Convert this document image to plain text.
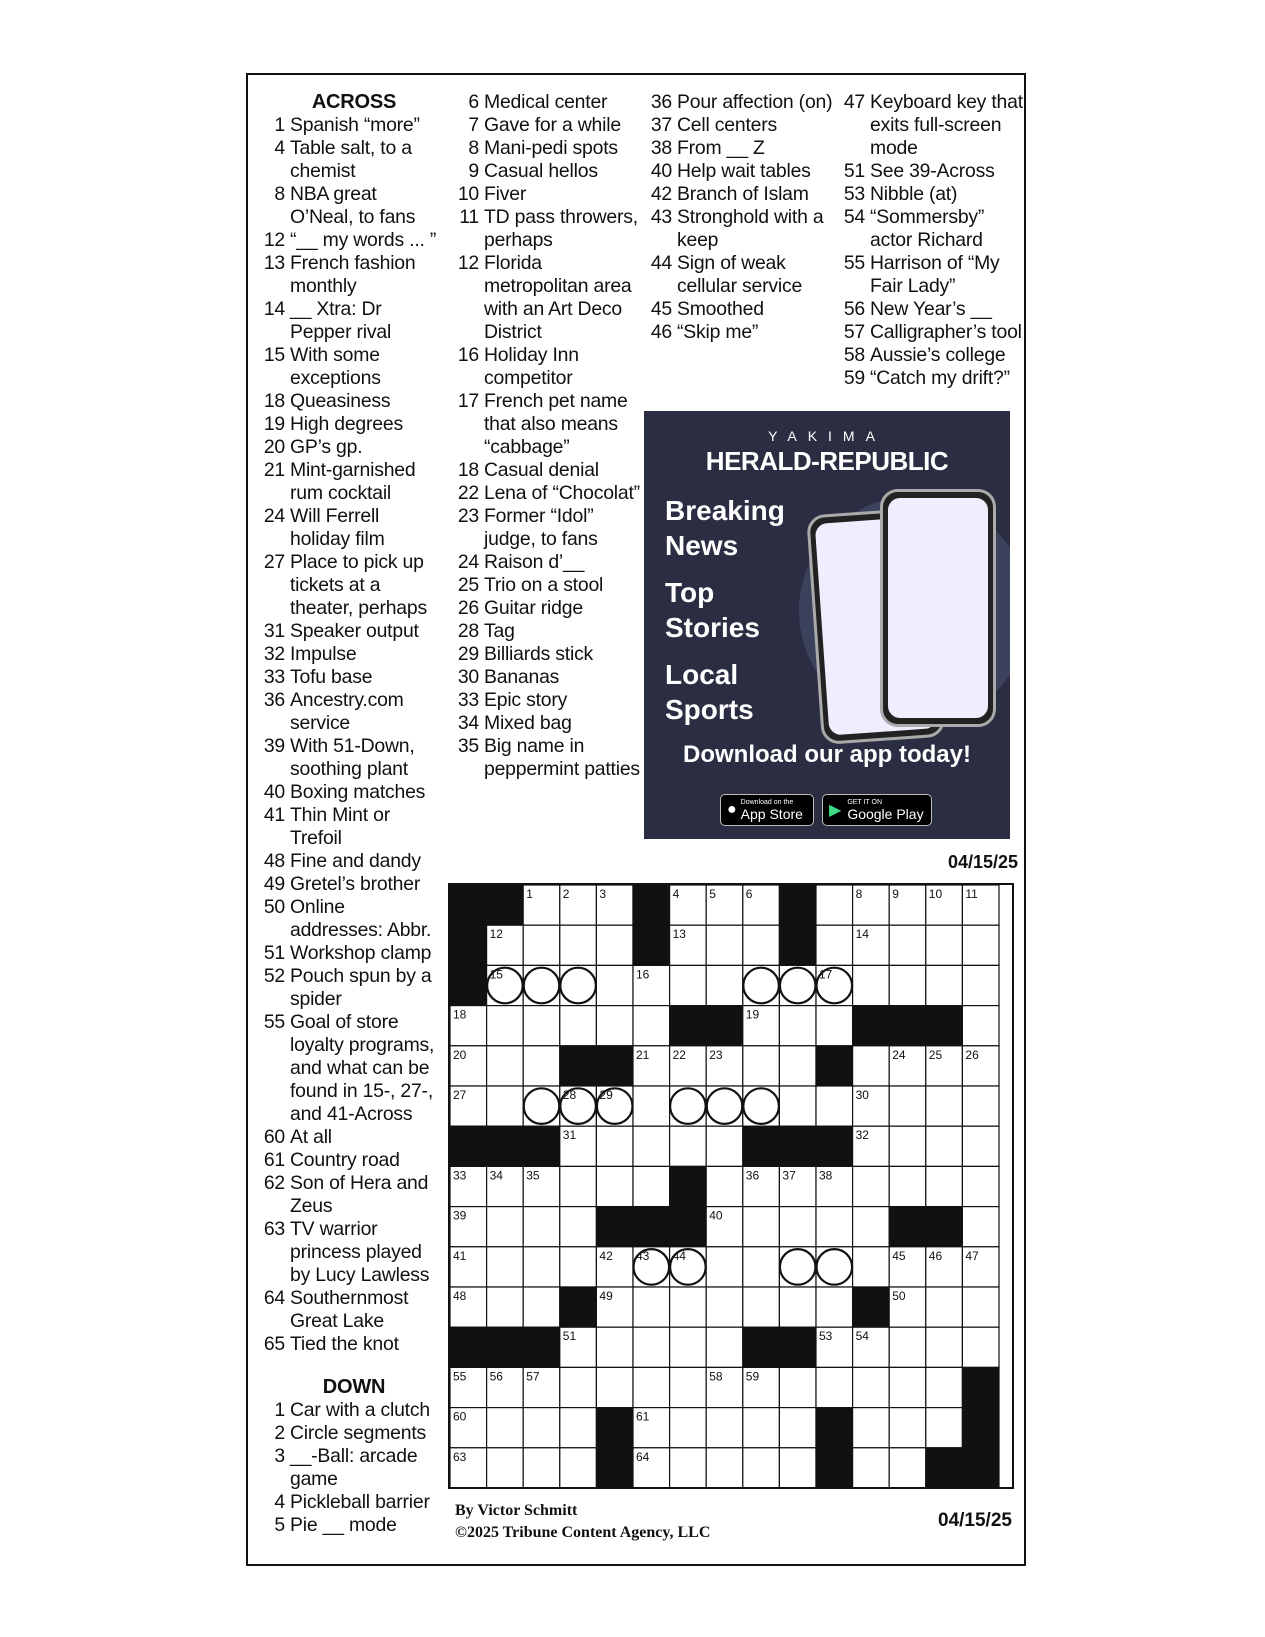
ACROSS
1 Spanish “more”
4 Table salt, to a chemist
8 NBA great O’Neal, to fans
12 “__ my words ... ”
13 French fashion monthly
14 __ Xtra: Dr Pepper rival
15 With some exceptions
18 Queasiness
19 High degrees
20 GP’s gp.
21 Mint-garnished rum cocktail
24 Will Ferrell holiday film
27 Place to pick up tickets at a theater, perhaps
31 Speaker output
32 Impulse
33 Tofu base
36 Ancestry.com service
39 With 51-Down, soothing plant
40 Boxing matches
41 Thin Mint or Trefoil
48 Fine and dandy
49 Gretel’s brother
50 Online addresses: Abbr.
51 Workshop clamp
52 Pouch spun by a spider
55 Goal of store loyalty programs, and what can be found in 15-, 27-, and 41-Across
60 At all
61 Country road
62 Son of Hera and Zeus
63 TV warrior princess played by Lucy Lawless
64 Southernmost Great Lake
65 Tied the knot
DOWN
1 Car with a clutch
2 Circle segments
3 __-Ball: arcade game
4 Pickleball barrier
5 Pie __ mode
6 Medical center
7 Gave for a while
8 Mani-pedi spots
9 Casual hellos
10 Fiver
11 TD pass throwers, perhaps
12 Florida metropolitan area with an Art Deco District
16 Holiday Inn competitor
17 French pet name that also means “cabbage”
18 Casual denial
22 Lena of “Chocolat”
23 Former “Idol” judge, to fans
24 Raison d’__
25 Trio on a stool
26 Guitar ridge
28 Tag
29 Billiards stick
30 Bananas
33 Epic story
34 Mixed bag
35 Big name in peppermint patties
36 Pour affection (on)
37 Cell centers
38 From __ Z
40 Help wait tables
42 Branch of Islam
43 Stronghold with a keep
44 Sign of weak cellular service
45 Smoothed
46 “Skip me”
47 Keyboard key that exits full-screen mode
51 See 39-Across
53 Nibble (at)
54 “Sommersby” actor Richard
55 Harrison of “My Fair Lady”
56 New Year’s __
57 Calligrapher’s tool
58 Aussie’s college
59 “Catch my drift?”
YAKIMA
HERALD-REPUBLIC
Breaking News
Top Stories
Local Sports
Download our app today!
● Download on the
App Store ▶ GET IT ON
Google Play
04/15/25
1 2 3	4 5 6 7	8 9 10 11
12	13	14
15	16	17
18	19
20	21 22 23	24 25 26
27	28 29	30
31	32
33 34 35	36 37 38
39	40
41	42 43 44	45 46 47
48	49	50
51	52 53 54
55 56 57	58 59
60	61	62
63	64	65
By Victor Schmitt
©2025 Tribune Content Agency, LLC
04/15/25
